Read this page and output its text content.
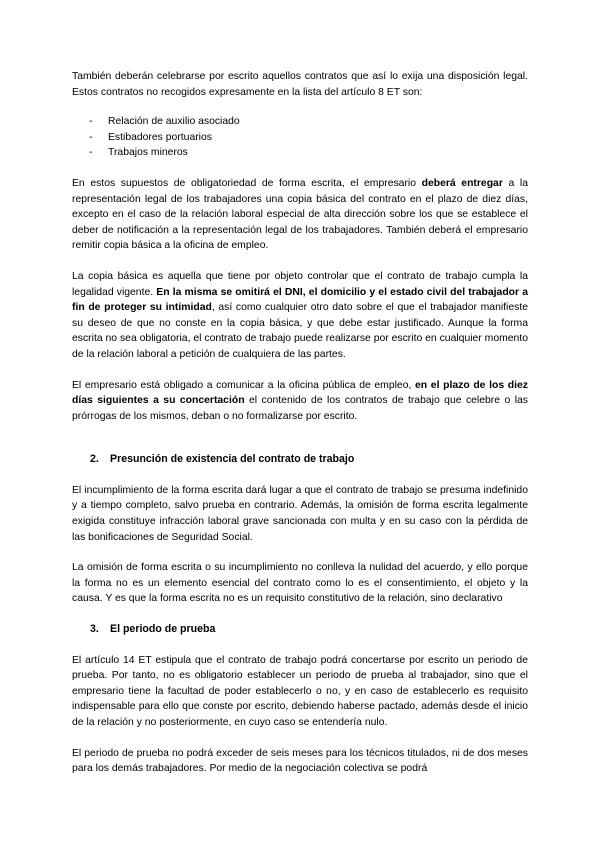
También deberán celebrarse por escrito aquellos contratos que así lo exija una disposición legal. Estos contratos no recogidos expresamente en la lista del artículo 8 ET son:

- Relación de auxilio asociado
- Estibadores portuarios
- Trabajos mineros

En estos supuestos de obligatoriedad de forma escrita, el empresario deberá entregar a la representación legal de los trabajadores una copia básica del contrato en el plazo de diez días, excepto en el caso de la relación laboral especial de alta dirección sobre los que se establece el deber de notificación a la representación legal de los trabajadores. También deberá el empresario remitir copia básica a la oficina de empleo.

La copia básica es aquella que tiene por objeto controlar que el contrato de trabajo cumpla la legalidad vigente. En la misma se omitirá el DNI, el domicilio y el estado civil del trabajador a fin de proteger su intimidad, así como cualquier otro dato sobre el que el trabajador manifieste su deseo de que no conste en la copia básica, y que debe estar justificado. Aunque la forma escrita no sea obligatoria, el contrato de trabajo puede realizarse por escrito en cualquier momento de la relación laboral a petición de cualquiera de las partes.

El empresario está obligado a comunicar a la oficina pública de empleo, en el plazo de los diez días siguientes a su concertación el contenido de los contratos de trabajo que celebre o las prórrogas de los mismos, deban o no formalizarse por escrito.

2. Presunción de existencia del contrato de trabajo

El incumplimiento de la forma escrita dará lugar a que el contrato de trabajo se presuma indefinido y a tiempo completo, salvo prueba en contrario. Además, la omisión de forma escrita legalmente exigida constituye infracción laboral grave sancionada con multa y en su caso con la pérdida de las bonificaciones de Seguridad Social.

La omisión de forma escrita o su incumplimiento no conlleva la nulidad del acuerdo, y ello porque la forma no es un elemento esencial del contrato como lo es el consentimiento, el objeto y la causa. Y es que la forma escrita no es un requisito constitutivo de la relación, sino declarativo

3. El periodo de prueba

El artículo 14 ET estipula que el contrato de trabajo podrá concertarse por escrito un periodo de prueba. Por tanto, no es obligatorio establecer un periodo de prueba al trabajador, sino que el empresario tiene la facultad de poder establecerlo o no, y en caso de establecerlo es requisito indispensable para ello que conste por escrito, debiendo haberse pactado, además desde el inicio de la relación y no posteriormente, en cuyo caso se entendería nulo.

El periodo de prueba no podrá exceder de seis meses para los técnicos titulados, ni de dos meses para los demás trabajadores. Por medio de la negociación colectiva se podrá
